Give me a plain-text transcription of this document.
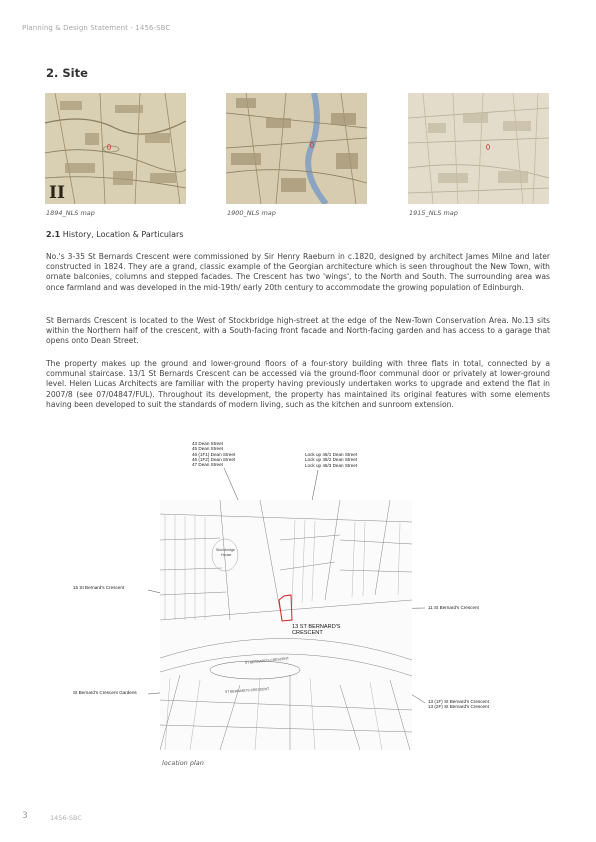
Planning & Design Statement - 1456-SBC
2. Site
II
1894_NLS map	1900_NLS map	1915_NLS map
2.1 History, Location & Particulars

No.'s 3-35 St Bernards Crescent were commissioned by Sir Henry Raeburn in c.1820, designed by architect James Milne and later constructed in 1824. They are a grand, classic example of the Georgian architecture which is seen throughout the New Town, with ornate balconies, columns and stepped facades. The Crescent has two 'wings', to the North and South. The surrounding area was once farmland and was developed in the mid-19th/ early 20th century to accommodate the growing population of Edinburgh.

St Bernards Crescent is located to the West of Stockbridge high-street at the edge of the New-Town Conservation Area. No.13 sits within the Northern half of the crescent, with a South-facing front facade and North-facing garden and has access to a garage that opens onto Dean Street.

The property makes up the ground and lower-ground floors of a four-story building with three flats in total, connected by a communal staircase. 13/1 St Bernards Crescent can be accessed via the ground-floor communal door or privately at lower-ground level. Helen Lucas Architects are familiar with the property having previously undertaken works to upgrade and extend the flat in 2007/8 (see 07/04847/FUL). Throughout its development, the property has maintained its original features with some elements having been developed to suit the standards of modern living, such as the kitchen and sunroom extension.

43 Dean Street
45 Dean Street
46 (1F1) Dean Street
46 (1F2) Dean Street
47 Dean Street
Lock up 46/1 Dean Street
Lock up 46/2 Dean Street
Lock up 46/3 Dean Street
15 St Bernard's Crescent
11 St Bernard's Crescent
St Bernard's Crescent Gardens
13 (1F) St Bernard's Crescent
13 (2F) St Bernard's Crescent
Stockbridge
House
ST BERNARD'S CRESCENT
ST BERNARD'S CRESCENT
13 ST BERNARD'S
CRESCENT
location plan
3	1456-SBC
